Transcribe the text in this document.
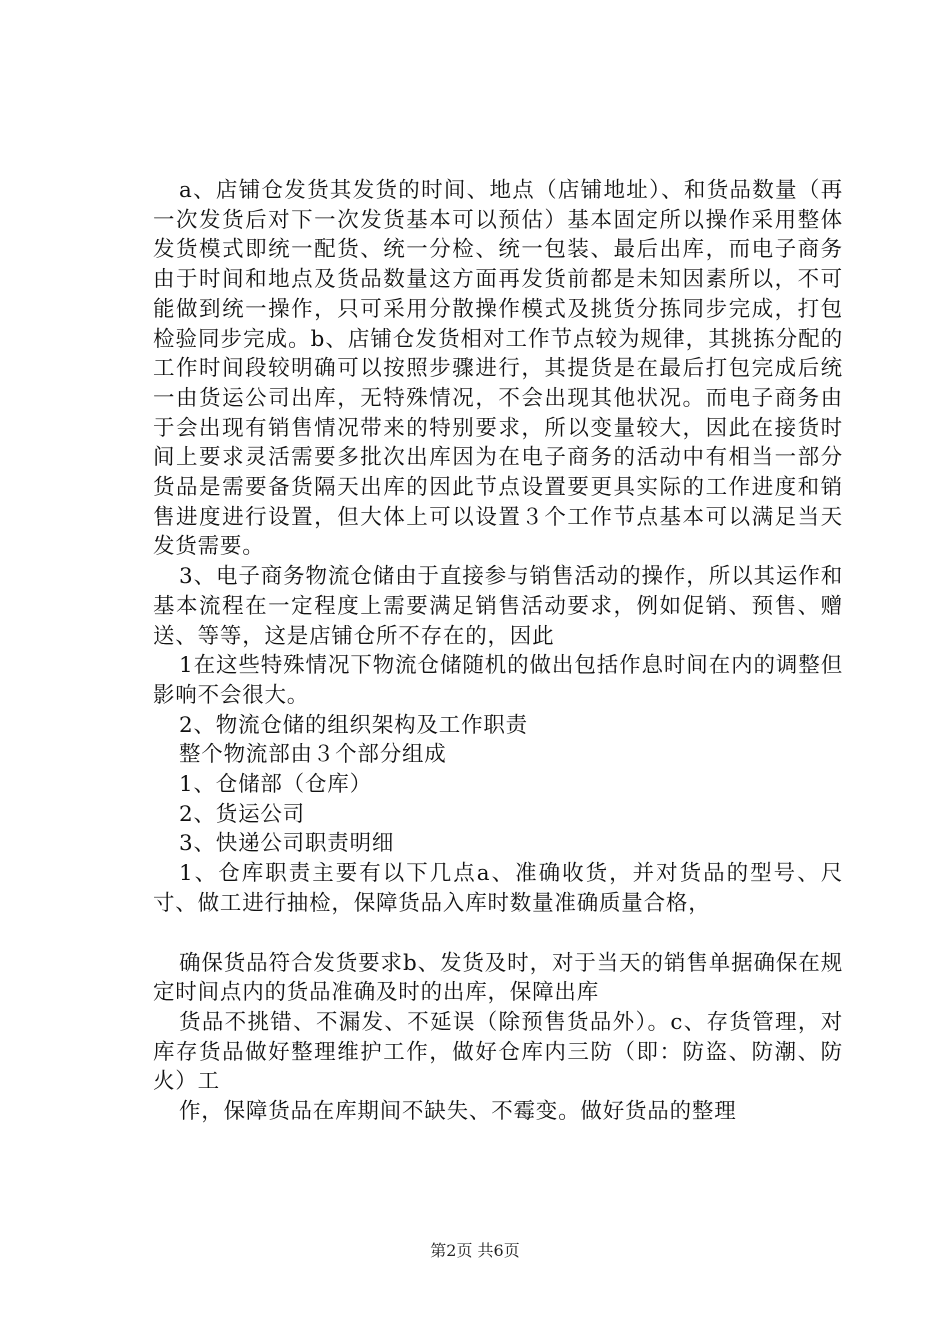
a、店铺仓发货其发货的时间、地点（店铺地址）、和货品数量（再一次发货后对下一次发货基本可以预估）基本固定所以操作采用整体发货模式即统一配货、统一分检、统一包装、最后出库，而电子商务由于时间和地点及货品数量这方面再发货前都是未知因素所以，不可能做到统一操作，只可采用分散操作模式及挑货分拣同步完成，打包检验同步完成。b、店铺仓发货相对工作节点较为规律，其挑拣分配的工作时间段较明确可以按照步骤进行，其提货是在最后打包完成后统一由货运公司出库，无特殊情况，不会出现其他状况。而电子商务由于会出现有销售情况带来的特别要求，所以变量较大，因此在接货时间上要求灵活需要多批次出库因为在电子商务的活动中有相当一部分货品是需要备货隔天出库的因此节点设置要更具实际的工作进度和销售进度进行设置，但大体上可以设置３个工作节点基本可以满足当天发货需要。

3、电子商务物流仓储由于直接参与销售活动的操作，所以其运作和基本流程在一定程度上需要满足销售活动要求，例如促销、预售、赠送、等等，这是店铺仓所不存在的，因此

1在这些特殊情况下物流仓储随机的做出包括作息时间在内的调整但影响不会很大。

2、物流仓储的组织架构及工作职责

整个物流部由３个部分组成

1、仓储部（仓库）

2、货运公司

3、快递公司职责明细

1、仓库职责主要有以下几点a、准确收货，并对货品的型号、尺寸、做工进行抽检，保障货品入库时数量准确质量合格，

确保货品符合发货要求b、发货及时，对于当天的销售单据确保在规定时间点内的货品准确及时的出库，保障出库

货品不挑错、不漏发、不延误（除预售货品外）。c、存货管理，对库存货品做好整理维护工作，做好仓库内三防（即：防盗、防潮、防火）工

作，保障货品在库期间不缺失、不霉变。做好货品的整理

第2页 共6页
